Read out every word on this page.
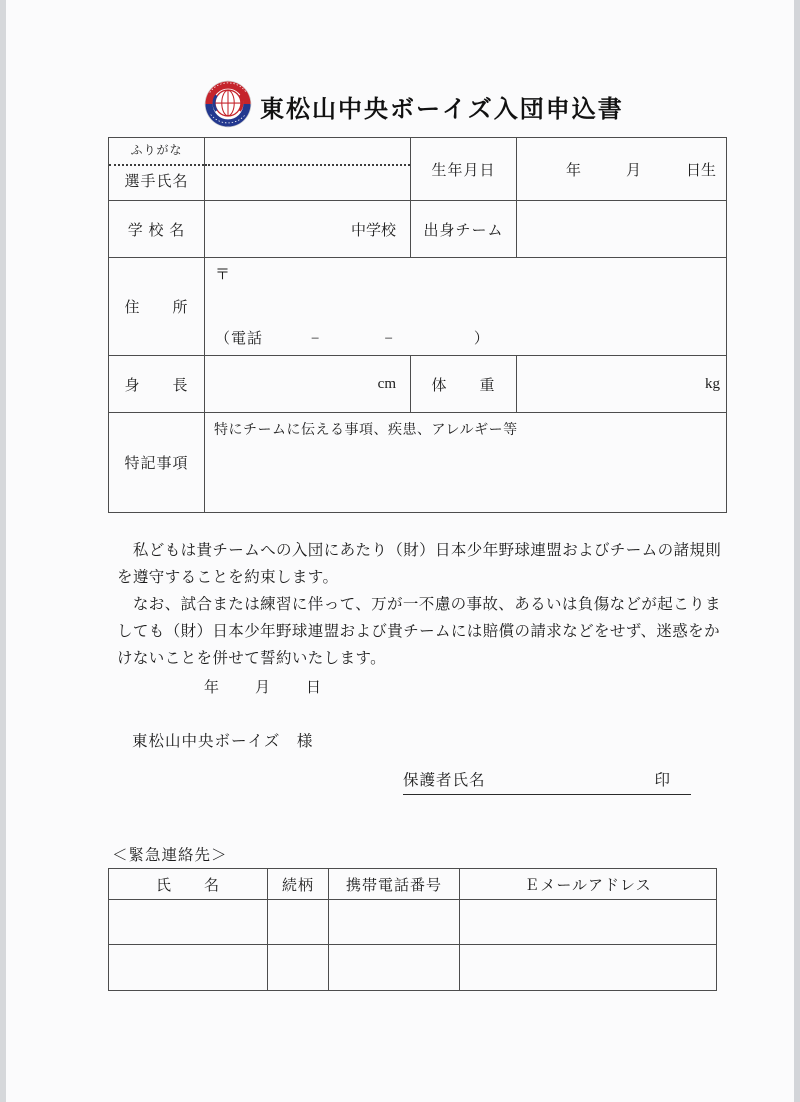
東松山中央ボーイズ入団申込書
ふりがな
選手氏名		生年月日	年　　　月　　　日生
学 校 名	中学校	出身チーム	
住　　所	〒
（電話　　　−　　　　−　　　　　）		

身　　長	cm	体　　重	kg
特記事項	特にチームに伝える事項、疾患、アレルギー等		
　私どもは貴チームへの入団にあたり（財）日本少年野球連盟およびチームの諸規則
を遵守することを約束します。
　なお、試合または練習に伴って、万が一不慮の事故、あるいは負傷などが起こりま
しても（財）日本少年野球連盟および貴チームには賠償の請求などをせず、迷惑をか
けないことを併せて誓約いたします。
年　　月　　日
東松山中央ボーイズ　様
保護者氏名	印
＜緊急連絡先＞
氏　　名	続柄	携帯電話番号	Ｅメールアドレス
